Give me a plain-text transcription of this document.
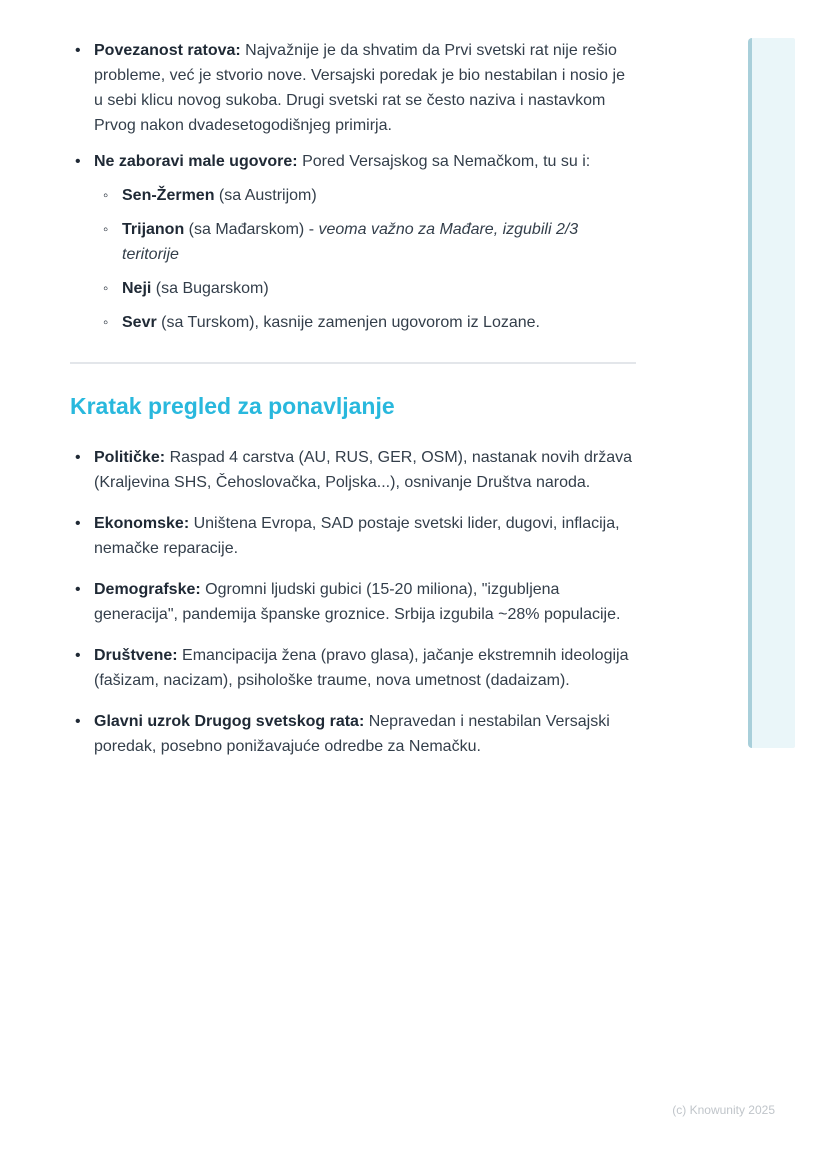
• Povezanost ratova: Najvažnije je da shvatim da Prvi svetski rat nije rešio probleme, već je stvorio nove. Versajski poredak je bio nestabilan i nosio je u sebi klicu novog sukoba. Drugi svetski rat se često naziva i nastavkom Prvog nakon dvadesetogodišnjeg primirja.
• Ne zaboravi male ugovore: Pored Versajskog sa Nemačkom, tu su i:
◦ Sen-Žermen (sa Austrijom)
◦ Trijanon (sa Mađarskom) - veoma važno za Mađare, izgubili 2/3 teritorije
◦ Neji (sa Bugarskom)
◦ Sevr (sa Turskom), kasnije zamenjen ugovorom iz Lozane.
Kratak pregled za ponavljanje
• Političke: Raspad 4 carstva (AU, RUS, GER, OSM), nastanak novih država (Kraljevina SHS, Čehoslovačka, Poljska...), osnivanje Društva naroda.
• Ekonomske: Uništena Evropa, SAD postaje svetski lider, dugovi, inflacija, nemačke reparacije.
• Demografske: Ogromni ljudski gubici (15-20 miliona), "izgubljena generacija", pandemija španske groznice. Srbija izgubila ~28% populacije.
• Društvene: Emancipacija žena (pravo glasa), jačanje ekstremnih ideologija (fašizam, nacizam), psihološke traume, nova umetnost (dadaizam).
• Glavni uzrok Drugog svetskog rata: Nepravedan i nestabilan Versajski poredak, posebno ponižavajuće odredbe za Nemačku.
(c) Knowunity 2025
